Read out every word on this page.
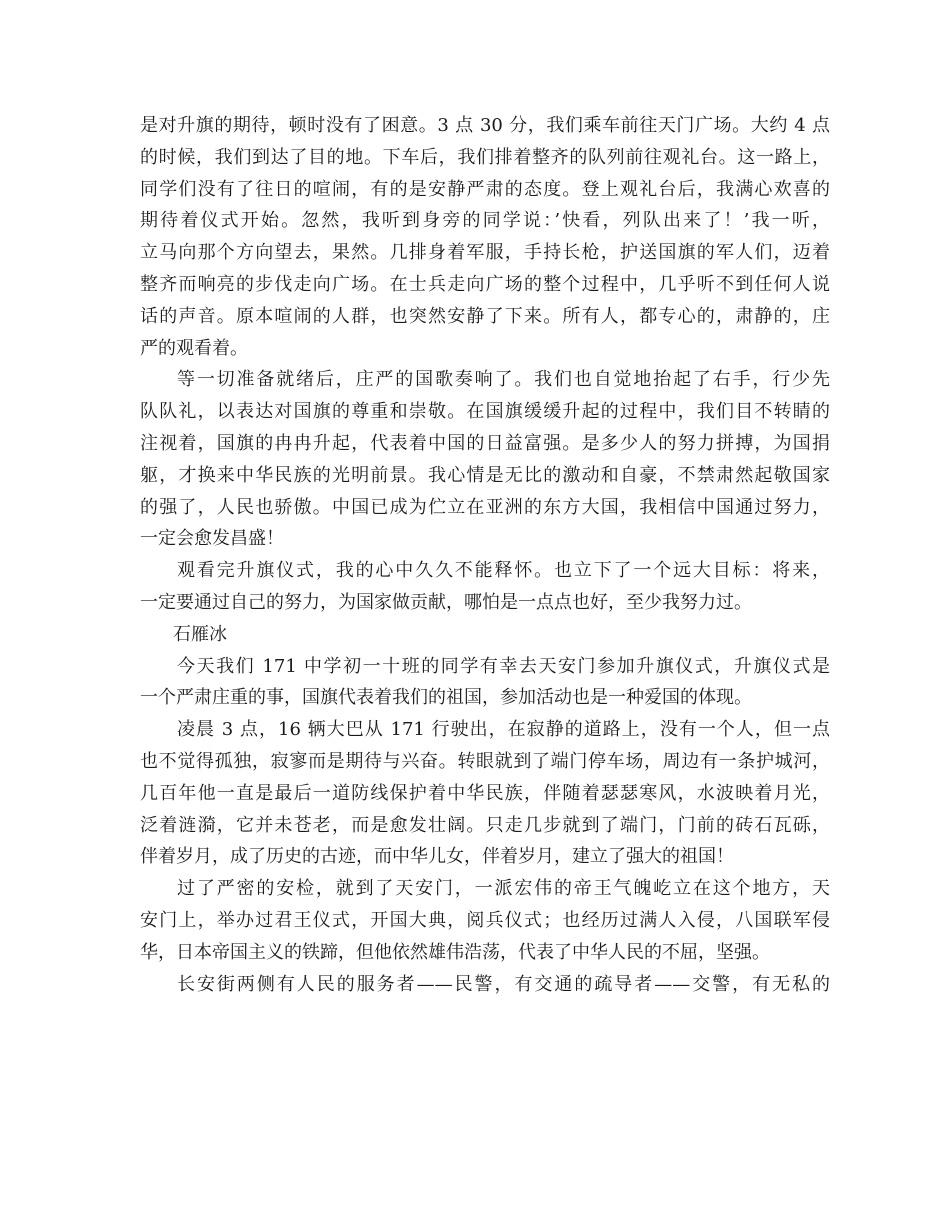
是对升旗的期待，顿时没有了困意。3 点 30 分，我们乘车前往天门广场。大约 4 点
的时候，我们到达了目的地。下车后，我们排着整齐的队列前往观礼台。这一路上，
同学们没有了往日的喧闹，有的是安静严肃的态度。登上观礼台后，我满心欢喜的
期待着仪式开始。忽然，我听到身旁的同学说：’快看，列队出来了！’我一听，
立马向那个方向望去，果然。几排身着军服，手持长枪，护送国旗的军人们，迈着
整齐而响亮的步伐走向广场。在士兵走向广场的整个过程中，几乎听不到任何人说
话的声音。原本喧闹的人群，也突然安静了下来。所有人，都专心的，肃静的，庄
严的观看着。
等一切准备就绪后，庄严的国歌奏响了。我们也自觉地抬起了右手，行少先
队队礼，以表达对国旗的尊重和崇敬。在国旗缓缓升起的过程中，我们目不转睛的
注视着，国旗的冉冉升起，代表着中国的日益富强。是多少人的努力拼搏，为国捐
躯，才换来中华民族的光明前景。我心情是无比的激动和自豪，不禁肃然起敬国家
的强了，人民也骄傲。中国已成为伫立在亚洲的东方大国，我相信中国通过努力，
一定会愈发昌盛！
观看完升旗仪式，我的心中久久不能释怀。也立下了一个远大目标：将来，
一定要通过自己的努力，为国家做贡献，哪怕是一点点也好，至少我努力过。
石雁冰
今天我们 171 中学初一十班的同学有幸去天安门参加升旗仪式，升旗仪式是
一个严肃庄重的事，国旗代表着我们的祖国，参加活动也是一种爱国的体现。
凌晨 3 点，16 辆大巴从 171 行驶出，在寂静的道路上，没有一个人，但一点
也不觉得孤独，寂寥而是期待与兴奋。转眼就到了端门停车场，周边有一条护城河，
几百年他一直是最后一道防线保护着中华民族，伴随着瑟瑟寒风，水波映着月光，
泛着涟漪，它并未苍老，而是愈发壮阔。只走几步就到了端门，门前的砖石瓦砾，
伴着岁月，成了历史的古迹，而中华儿女，伴着岁月，建立了强大的祖国！
过了严密的安检，就到了天安门，一派宏伟的帝王气魄屹立在这个地方，天
安门上，举办过君王仪式，开国大典，阅兵仪式；也经历过满人入侵，八国联军侵
华，日本帝国主义的铁蹄，但他依然雄伟浩荡，代表了中华人民的不屈，坚强。
长安街两侧有人民的服务者——民警，有交通的疏导者——交警，有无私的
